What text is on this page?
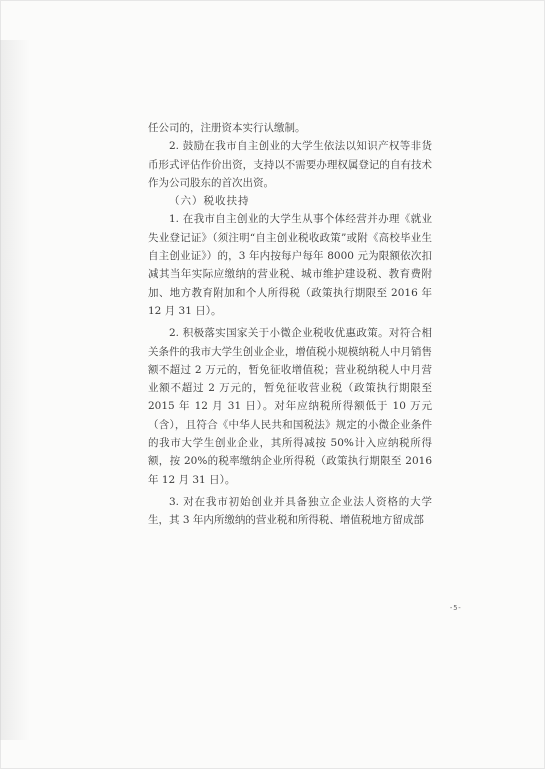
任公司的，注册资本实行认缴制。

2. 鼓励在我市自主创业的大学生依法以知识产权等非货币形式评估作价出资，支持以不需要办理权属登记的自有技术作为公司股东的首次出资。

（六）税收扶持

1. 在我市自主创业的大学生从事个体经营并办理《就业失业登记证》（须注明“自主创业税收政策”或附《高校毕业生自主创业证》）的，3 年内按每户每年 8000 元为限额依次扣减其当年实际应缴纳的营业税、城市维护建设税、教育费附加、地方教育附加和个人所得税（政策执行期限至 2016 年 12 月 31 日）。

2. 积极落实国家关于小微企业税收优惠政策。对符合相关条件的我市大学生创业企业，增值税小规模纳税人中月销售额不超过 2 万元的，暂免征收增值税；营业税纳税人中月营业额不超过 2 万元的，暂免征收营业税（政策执行期限至 2015 年 12 月 31 日）。对年应纳税所得额低于 10 万元（含），且符合《中华人民共和国税法》规定的小微企业条件的我市大学生创业企业，其所得减按 50%计入应纳税所得额，按 20%的税率缴纳企业所得税（政策执行期限至 2016 年 12 月 31 日）。

3. 对在我市初始创业并具备独立企业法人资格的大学生，其 3 年内所缴纳的营业税和所得税、增值税地方留成部

-5-
